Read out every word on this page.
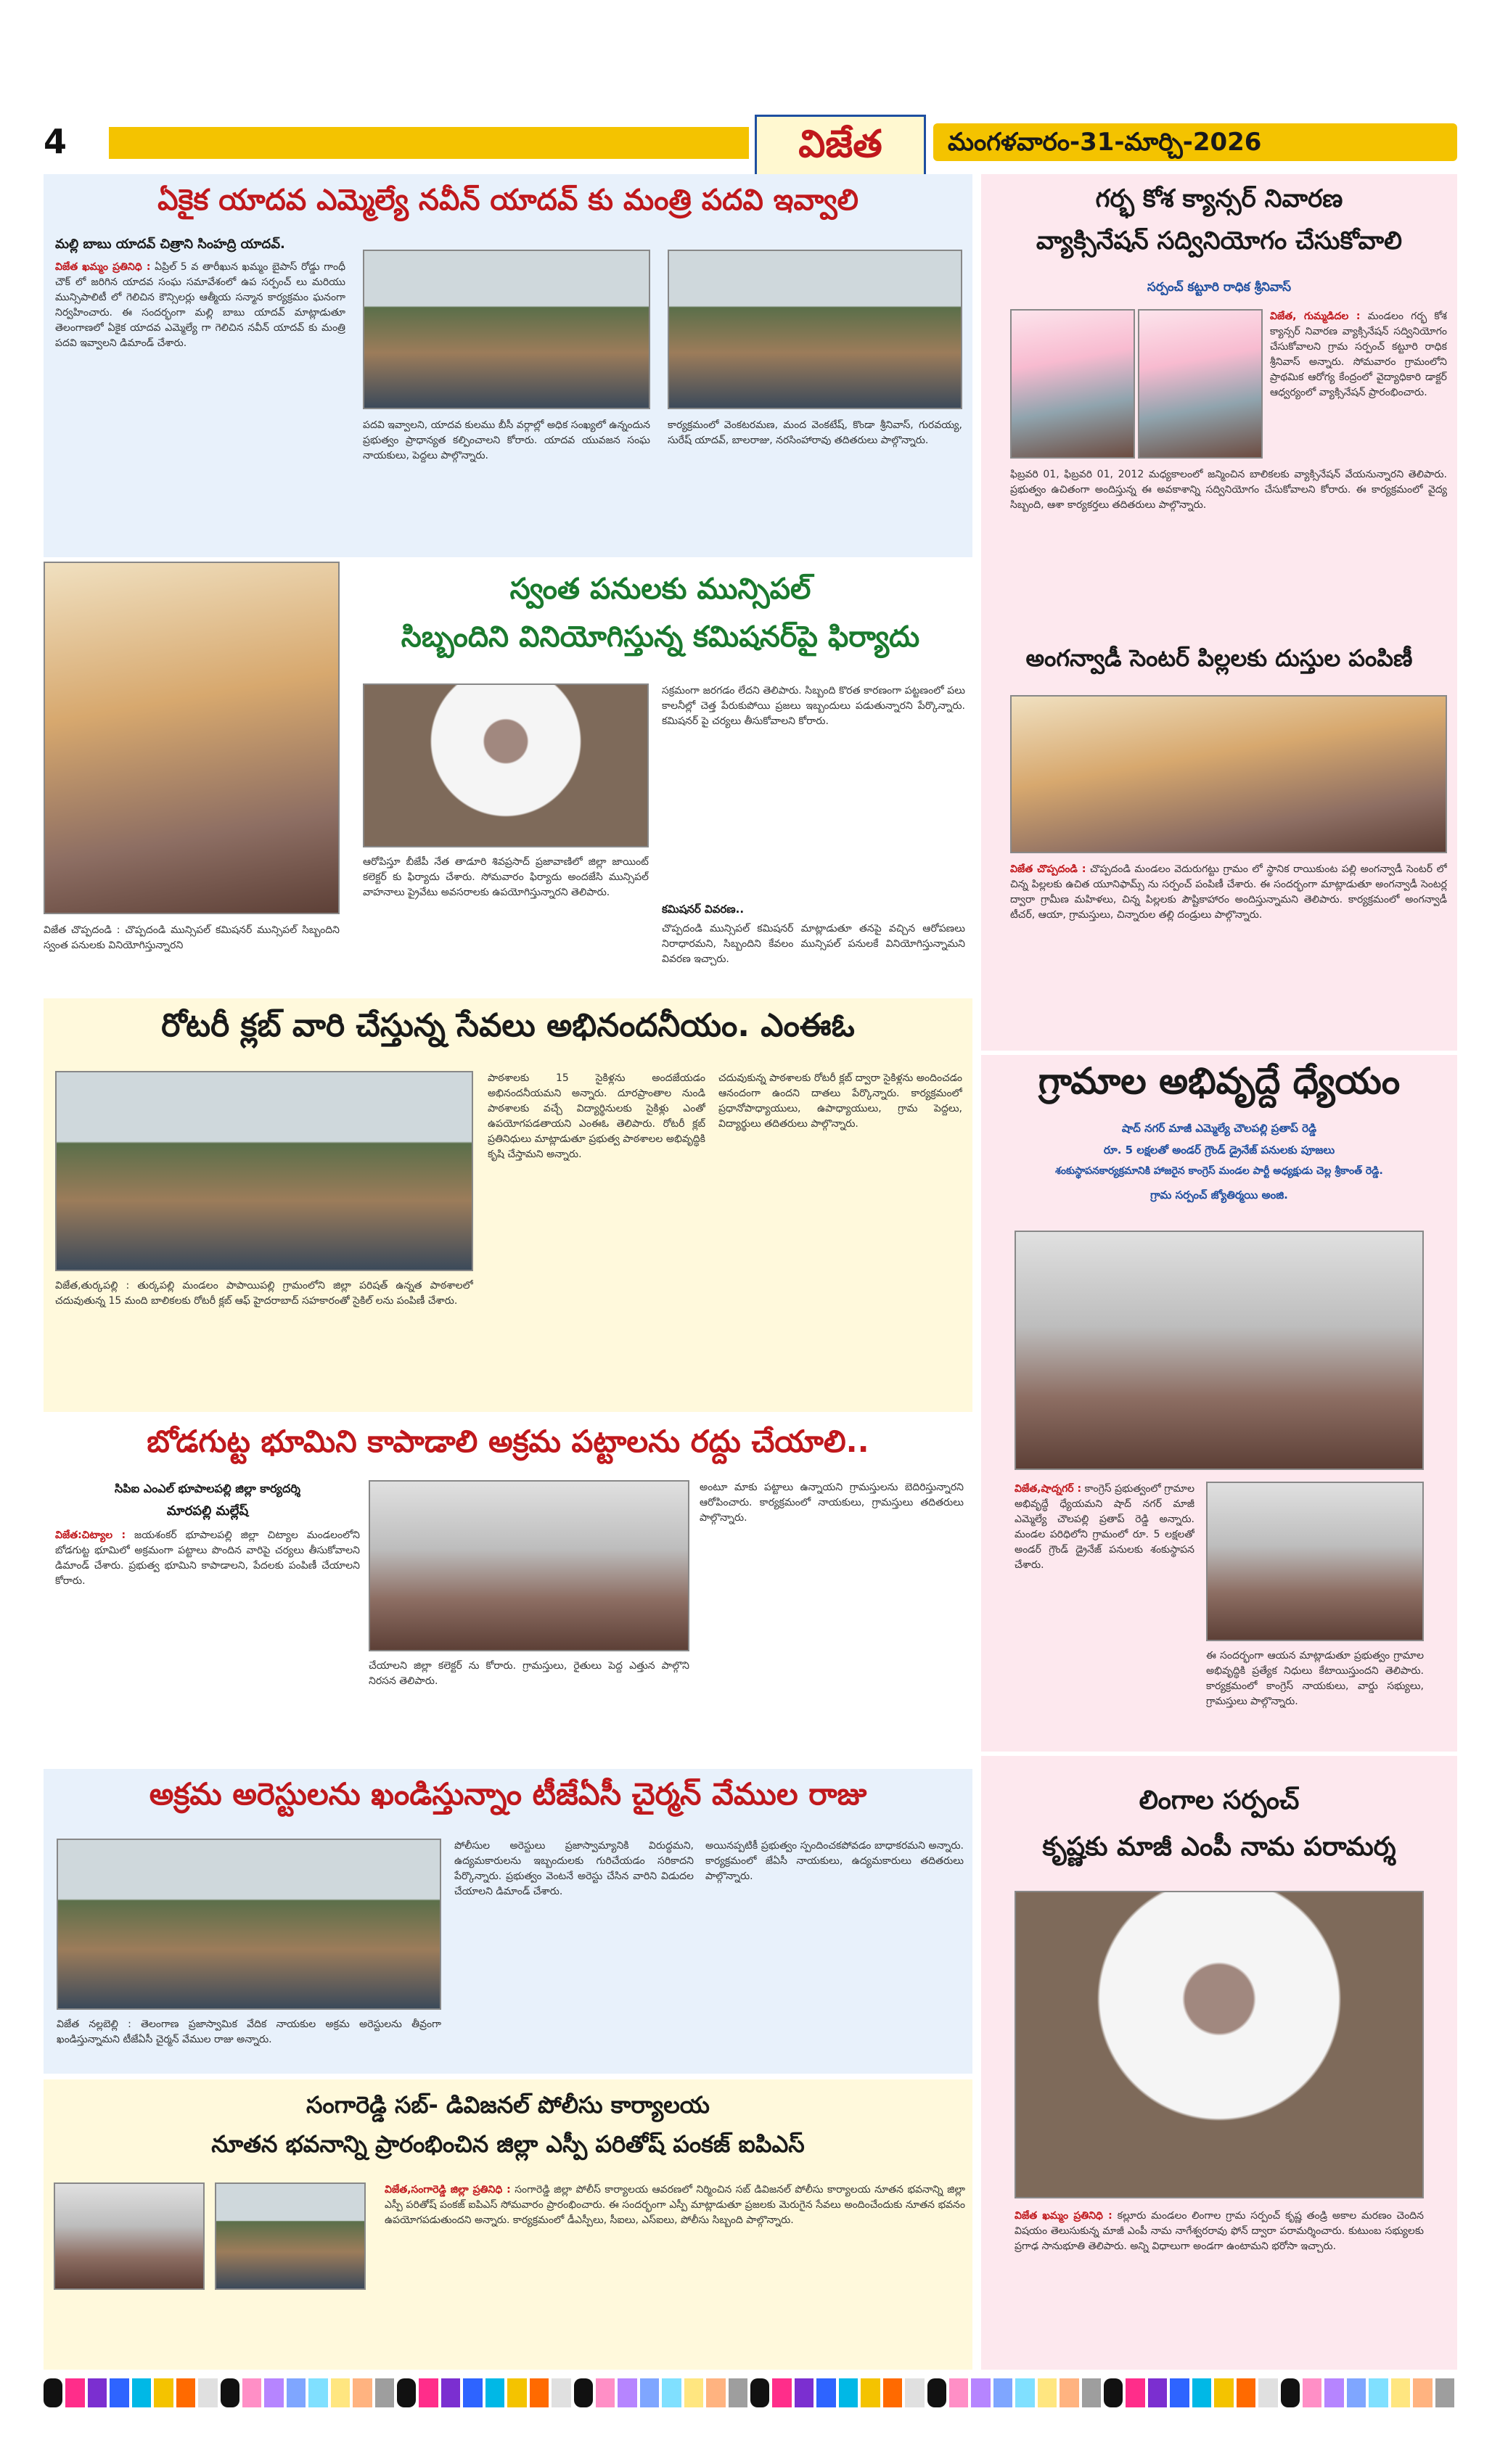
4	విజేత	మంగళవారం-31-మార్చి-2026
ఏకైక యాదవ ఎమ్మెల్యే నవీన్ యాదవ్ కు మంత్రి పదవి ఇవ్వాలి
మల్లి బాబు యాదవ్ చిత్రాని సింహద్రి యాదవ్.
విజేత ఖమ్మం ప్రతినిధి : ఏప్రిల్ 5 వ తారీఖున ఖమ్మం బైపాస్ రోడ్డు గాంధీ చౌక్ లో జరిగిన యాదవ సంఘ సమావేశంలో ఉప సర్పంచ్ లు మరియు మున్సిపాలిటీ లో గెలిచిన కౌన్సిలర్లు ఆత్మీయ సన్మాన కార్యక్రమం ఘనంగా నిర్వహించారు. ఈ సందర్భంగా మల్లి బాబు యాదవ్ మాట్లాడుతూ తెలంగాణలో ఏకైక యాదవ ఎమ్మెల్యే గా గెలిచిన నవీన్ యాదవ్ కు మంత్రి పదవి ఇవ్వాలని డిమాండ్ చేశారు.
పదవి ఇవ్వాలని, యాదవ కులము బీసీ వర్గాల్లో అధిక సంఖ్యలో ఉన్నందున ప్రభుత్వం ప్రాధాన్యత కల్పించాలని కోరారు. యాదవ యువజన సంఘ నాయకులు, పెద్దలు పాల్గొన్నారు.
కార్యక్రమంలో వెంకటరమణ, మంద వెంకటేష్, కొండా శ్రీనివాస్, గురవయ్య, సురేష్ యాదవ్, బాలరాజు, నరసింహారావు తదితరులు పాల్గొన్నారు.
విజేత చొప్పదండి : చొప్పదండి మున్సిపల్ కమిషనర్ మున్సిపల్ సిబ్బందిని స్వంత పనులకు వినియోగిస్తున్నారని
స్వంత పనులకు మున్సిపల్
సిబ్బందిని వినియోగిస్తున్న కమిషనర్‌పై ఫిర్యాదు
ఆరోపిస్తూ బీజేపీ నేత తాడూరి శివప్రసాద్ ప్రజావాణిలో జిల్లా జాయింట్ కలెక్టర్ కు ఫిర్యాదు చేశారు. సోమవారం ఫిర్యాదు అందజేసి మున్సిపల్ వాహనాలు ప్రైవేటు అవసరాలకు ఉపయోగిస్తున్నారని తెలిపారు.
సక్రమంగా జరగడం లేదని తెలిపారు. సిబ్బంది కొరత కారణంగా పట్టణంలో పలు కాలనీల్లో చెత్త పేరుకుపోయి ప్రజలు ఇబ్బందులు పడుతున్నారని పేర్కొన్నారు. కమిషనర్ పై చర్యలు తీసుకోవాలని కోరారు.
కమిషనర్ వివరణ..
చొప్పదండి మున్సిపల్ కమిషనర్ మాట్లాడుతూ తనపై వచ్చిన ఆరోపణలు నిరాధారమని, సిబ్బందిని కేవలం మున్సిపల్ పనులకే వినియోగిస్తున్నామని వివరణ ఇచ్చారు.
రోటరీ క్లబ్ వారి చేస్తున్న సేవలు అభినందనీయం. ఎంఈఓ
విజేత,తుర్కపల్లి : తుర్కపల్లి మండలం పాపాయిపల్లి గ్రామంలోని జిల్లా పరిషత్ ఉన్నత పాఠశాలలో చదువుతున్న 15 మంది బాలికలకు రోటరీ క్లబ్ ఆఫ్ హైదరాబాద్ సహకారంతో సైకిల్ లను పంపిణీ చేశారు.
పాఠశాలకు 15 సైకిళ్లను అందజేయడం అభినందనీయమని అన్నారు. దూరప్రాంతాల నుండి పాఠశాలకు వచ్చే విద్యార్థినులకు సైకిళ్లు ఎంతో ఉపయోగపడతాయని ఎంఈఓ తెలిపారు. రోటరీ క్లబ్ ప్రతినిధులు మాట్లాడుతూ ప్రభుత్వ పాఠశాలల అభివృద్ధికి కృషి చేస్తామని అన్నారు.
చదువుకున్న పాఠశాలకు రోటరీ క్లబ్ ద్వారా సైకిళ్లను అందించడం ఆనందంగా ఉందని దాతలు పేర్కొన్నారు. కార్యక్రమంలో ప్రధానోపాధ్యాయులు, ఉపాధ్యాయులు, గ్రామ పెద్దలు, విద్యార్థులు తదితరులు పాల్గొన్నారు.
బోడగుట్ట భూమిని కాపాడాలి అక్రమ పట్టాలను రద్దు చేయాలి..
సిపిఐ ఎంఎల్ భూపాలపల్లి జిల్లా కార్యదర్శి
మారపల్లి మల్లేష్
విజేత:చిట్యాల : జయశంకర్ భూపాలపల్లి జిల్లా చిట్యాల మండలంలోని బోడగుట్ట భూమిలో అక్రమంగా పట్టాలు పొందిన వారిపై చర్యలు తీసుకోవాలని డిమాండ్ చేశారు. ప్రభుత్వ భూమిని కాపాడాలని, పేదలకు పంపిణీ చేయాలని కోరారు.
చేయాలని జిల్లా కలెక్టర్ ను కోరారు. గ్రామస్తులు, రైతులు పెద్ద ఎత్తున పాల్గొని నిరసన తెలిపారు.
అంటూ మాకు పట్టాలు ఉన్నాయని గ్రామస్తులను బెదిరిస్తున్నారని ఆరోపించారు. కార్యక్రమంలో నాయకులు, గ్రామస్తులు తదితరులు పాల్గొన్నారు.
అక్రమ అరెస్టులను ఖండిస్తున్నాం టీజేఏసీ చైర్మన్ వేముల రాజు
విజేత నల్లబెల్లి : తెలంగాణ ప్రజాస్వామిక వేదిక నాయకుల అక్రమ అరెస్టులను తీవ్రంగా ఖండిస్తున్నామని టీజేఏసీ చైర్మన్ వేముల రాజు అన్నారు.
పోలీసుల అరెస్టులు ప్రజాస్వామ్యానికి విరుద్ధమని, ఉద్యమకారులను ఇబ్బందులకు గురిచేయడం సరికాదని పేర్కొన్నారు. ప్రభుత్వం వెంటనే అరెస్టు చేసిన వారిని విడుదల చేయాలని డిమాండ్ చేశారు.
అయినప్పటికీ ప్రభుత్వం స్పందించకపోవడం బాధాకరమని అన్నారు. కార్యక్రమంలో జేఏసీ నాయకులు, ఉద్యమకారులు తదితరులు పాల్గొన్నారు.
సంగారెడ్డి సబ్- డివిజనల్ పోలీసు కార్యాలయ
నూతన భవనాన్ని ప్రారంభించిన జిల్లా ఎస్పీ పరితోష్ పంకజ్ ఐపిఎస్
విజేత,సంగారెడ్డి జిల్లా ప్రతినిధి : సంగారెడ్డి జిల్లా పోలీస్ కార్యాలయ ఆవరణలో నిర్మించిన సబ్ డివిజనల్ పోలీసు కార్యాలయ నూతన భవనాన్ని జిల్లా ఎస్పీ పరితోష్ పంకజ్ ఐపిఎస్ సోమవారం ప్రారంభించారు. ఈ సందర్భంగా ఎస్పీ మాట్లాడుతూ ప్రజలకు మెరుగైన సేవలు అందించేందుకు నూతన భవనం ఉపయోగపడుతుందని అన్నారు. కార్యక్రమంలో డీఎస్పీలు, సీఐలు, ఎస్ఐలు, పోలీసు సిబ్బంది పాల్గొన్నారు.
గర్భ కోశ క్యాన్సర్ నివారణ
వ్యాక్సినేషన్ సద్వినియోగం చేసుకోవాలి
సర్పంచ్ కట్టూరి రాధిక శ్రీనివాస్
విజేత, గుమ్మడిదల : మండలం గర్భ కోశ క్యాన్సర్ నివారణ వ్యాక్సినేషన్ సద్వినియోగం చేసుకోవాలని గ్రామ సర్పంచ్ కట్టూరి రాధిక శ్రీనివాస్ అన్నారు. సోమవారం గ్రామంలోని ప్రాథమిక ఆరోగ్య కేంద్రంలో వైద్యాధికారి డాక్టర్ ఆధ్వర్యంలో వ్యాక్సినేషన్ ప్రారంభించారు.
ఫిబ్రవరి 01, ఫిబ్రవరి 01, 2012 మధ్యకాలంలో జన్మించిన బాలికలకు వ్యాక్సినేషన్ వేయనున్నారని తెలిపారు. ప్రభుత్వం ఉచితంగా అందిస్తున్న ఈ అవకాశాన్ని సద్వినియోగం చేసుకోవాలని కోరారు. ఈ కార్యక్రమంలో వైద్య సిబ్బంది, ఆశా కార్యకర్తలు తదితరులు పాల్గొన్నారు.
అంగన్వాడీ సెంటర్ పిల్లలకు దుస్తుల పంపిణీ
విజేత చొప్పదండి : చొప్పదండి మండలం వెదురుగట్టు గ్రామం లో స్థానిక రాయికుంట పల్లి అంగన్వాడీ సెంటర్ లో చిన్న పిల్లలకు ఉచిత యూనిఫామ్స్ ను సర్పంచ్ పంపిణీ చేశారు. ఈ సందర్భంగా మాట్లాడుతూ అంగన్వాడీ సెంటర్ల ద్వారా గ్రామీణ మహిళలు, చిన్న పిల్లలకు పౌష్టికాహారం అందిస్తున్నామని తెలిపారు. కార్యక్రమంలో అంగన్వాడీ టీచర్, ఆయా, గ్రామస్తులు, చిన్నారుల తల్లి దండ్రులు పాల్గొన్నారు.
గ్రామాల అభివృద్దే ధ్యేయం
షాద్ నగర్ మాజీ ఎమ్మెల్యే చౌలపల్లి ప్రతాప్ రెడ్డి
రూ. 5 లక్షలతో అండర్ గ్రౌండ్ డ్రైనేజ్ పనులకు పూజలు
శంకుస్థాపనకార్యక్రమానికి హాజరైన కాంగ్రెస్ మండల పార్టీ అధ్యక్షుడు చెల్ల శ్రీకాంత్ రెడ్డి.
గ్రామ సర్పంచ్ జ్యోతిర్మయి అంజి.
విజేత,షాద్నగర్ : కాంగ్రెస్ ప్రభుత్వంలో గ్రామాల అభివృద్ధే ధ్యేయమని షాద్ నగర్ మాజీ ఎమ్మెల్యే చౌలపల్లి ప్రతాప్ రెడ్డి అన్నారు. మండల పరిధిలోని గ్రామంలో రూ. 5 లక్షలతో అండర్ గ్రౌండ్ డ్రైనేజ్ పనులకు శంకుస్థాపన చేశారు.
ఈ సందర్భంగా ఆయన మాట్లాడుతూ ప్రభుత్వం గ్రామాల అభివృద్ధికి ప్రత్యేక నిధులు కేటాయిస్తుందని తెలిపారు. కార్యక్రమంలో కాంగ్రెస్ నాయకులు, వార్డు సభ్యులు, గ్రామస్తులు పాల్గొన్నారు.
లింగాల సర్పంచ్
కృష్ణకు మాజీ ఎంపీ నామ పరామర్శ
విజేత ఖమ్మం ప్రతినిధి : కల్లూరు మండలం లింగాల గ్రామ సర్పంచ్ కృష్ణ తండ్రి అకాల మరణం చెందిన విషయం తెలుసుకున్న మాజీ ఎంపీ నామ నాగేశ్వరరావు ఫోన్ ద్వారా పరామర్శించారు. కుటుంబ సభ్యులకు ప్రగాఢ సానుభూతి తెలిపారు. అన్ని విధాలుగా అండగా ఉంటామని భరోసా ఇచ్చారు.
